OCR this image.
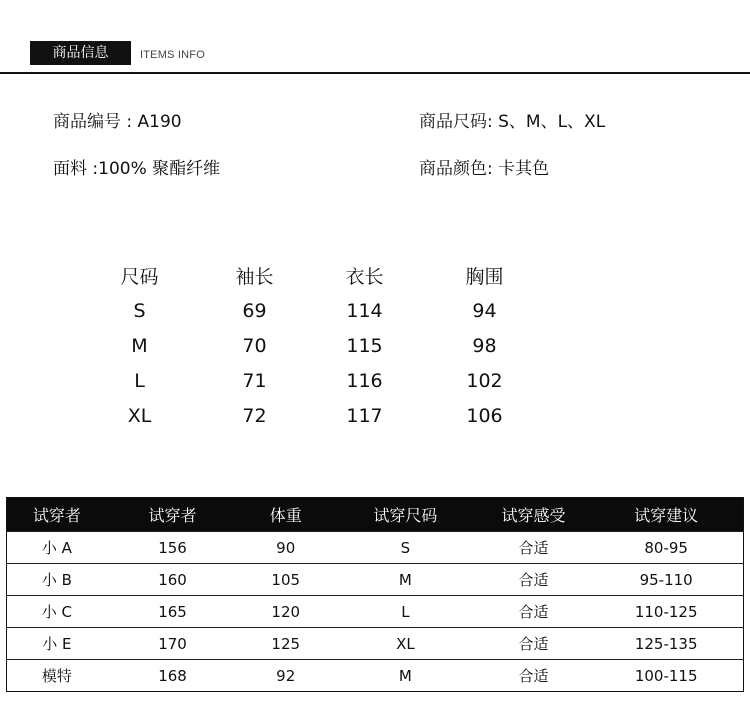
商品信息	ITEMS INFO
商品编号 : A190	商品尺码: S、M、L、XL
面料 :100% 聚酯纤维	商品颜色: 卡其色
尺码	袖长	衣长	胸围
S	69	114	94
M	70	115	98
L	71	116	102
XL	72	117	106
试穿者	试穿者	体重	试穿尺码	试穿感受	试穿建议
小 A	156	90	S	合适	80-95
小 B	160	105	M	合适	95-110
小 C	165	120	L	合适	110-125
小 E	170	125	XL	合适	125-135
模特	168	92	M	合适	100-115
